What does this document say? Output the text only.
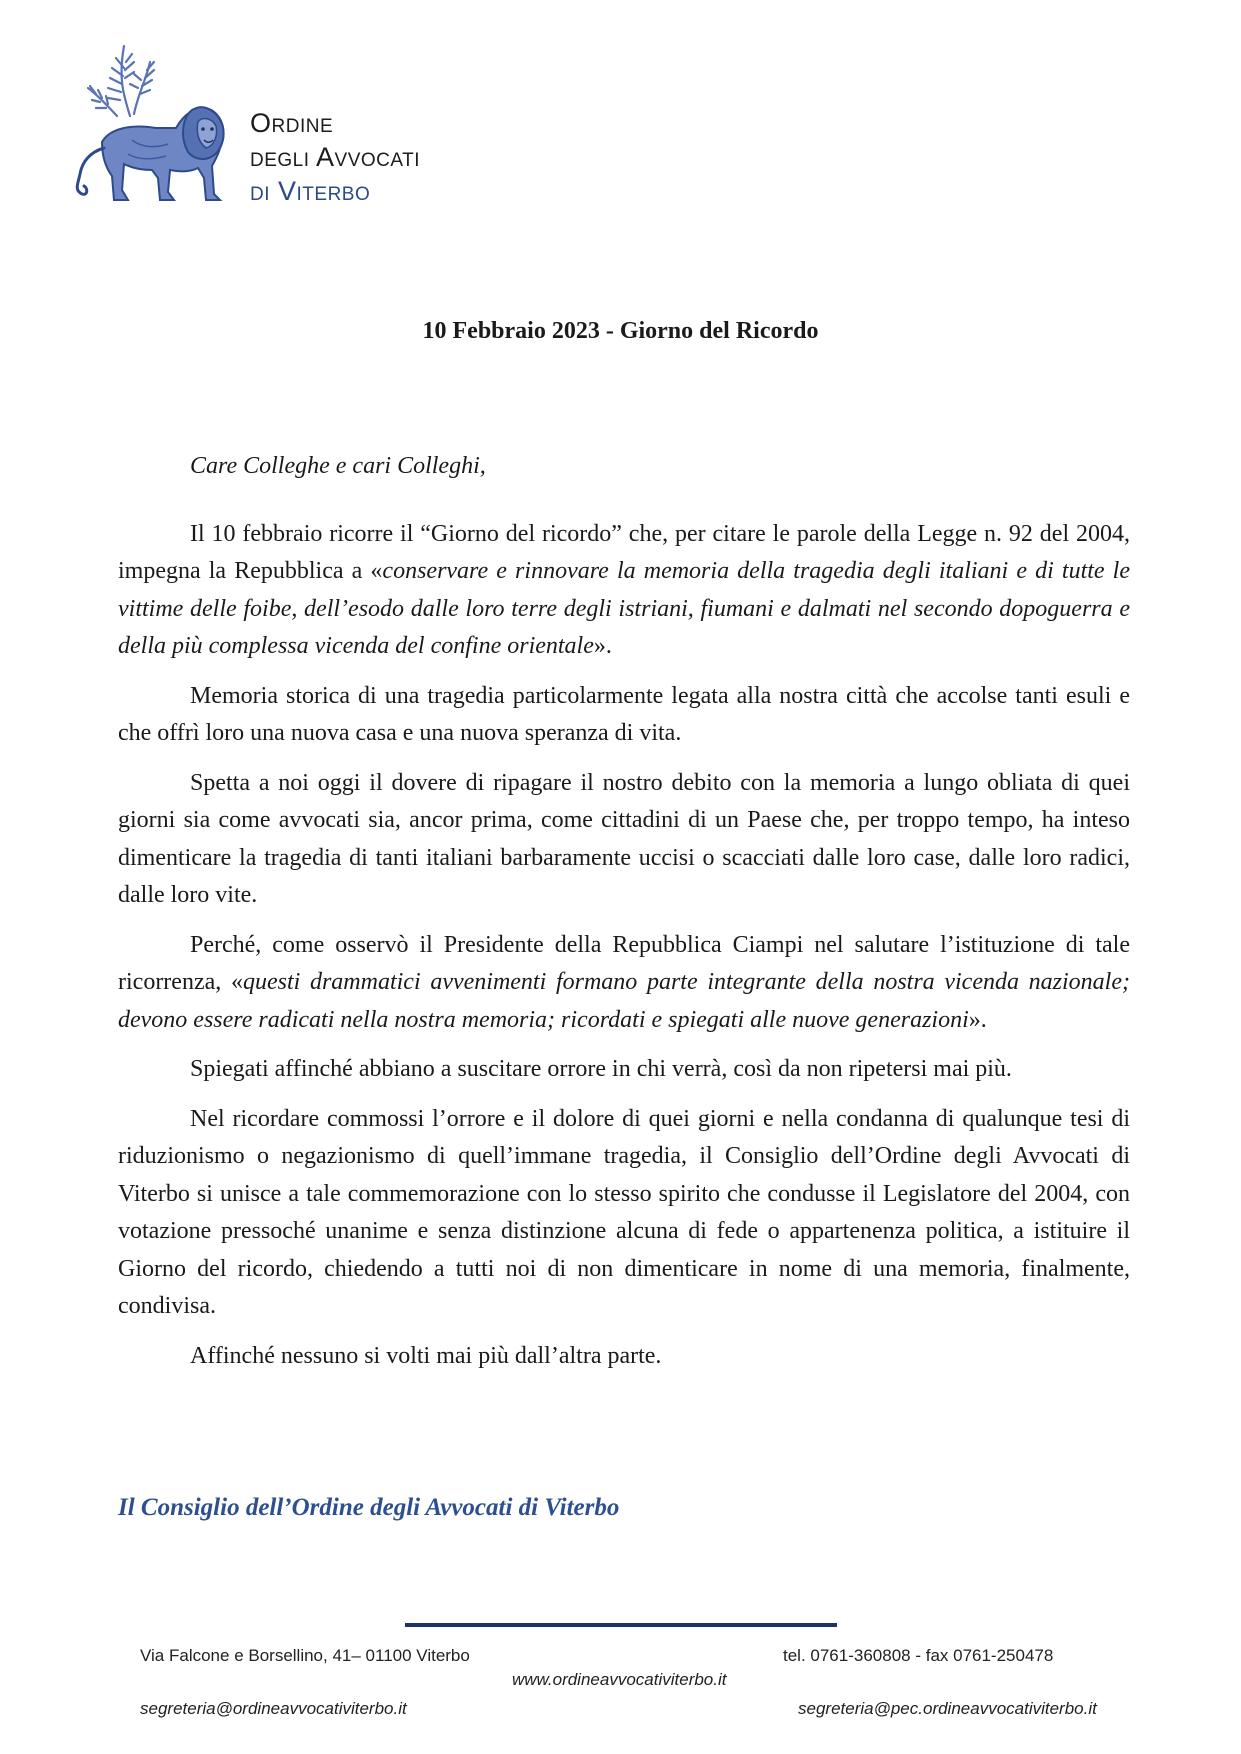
Ordine
degli Avvocati
di Viterbo
10 Febbraio 2023 - Giorno del Ricordo

Care Colleghe e cari Colleghi,

Il 10 febbraio ricorre il “Giorno del ricordo” che, per citare le parole della Legge n. 92 del 2004, impegna la Repubblica a «conservare e rinnovare la memoria della tragedia degli italiani e di tutte le vittime delle foibe, dell’esodo dalle loro terre degli istriani, fiumani e dalmati nel secondo dopoguerra e della più complessa vicenda del confine orientale».

Memoria storica di una tragedia particolarmente legata alla nostra città che accolse tanti esuli e che offrì loro una nuova casa e una nuova speranza di vita.

Spetta a noi oggi il dovere di ripagare il nostro debito con la memoria a lungo obliata di quei giorni sia come avvocati sia, ancor prima, come cittadini di un Paese che, per troppo tempo, ha inteso dimenticare la tragedia di tanti italiani barbaramente uccisi o scacciati dalle loro case, dalle loro radici, dalle loro vite.

Perché, come osservò il Presidente della Repubblica Ciampi nel salutare l’istituzione di tale ricorrenza, «questi drammatici avvenimenti formano parte integrante della nostra vicenda nazionale; devono essere radicati nella nostra memoria; ricordati e spiegati alle nuove generazioni».

Spiegati affinché abbiano a suscitare orrore in chi verrà, così da non ripetersi mai più.

Nel ricordare commossi l’orrore e il dolore di quei giorni e nella condanna di qualunque tesi di riduzionismo o negazionismo di quell’immane tragedia, il Consiglio dell’Ordine degli Avvocati di Viterbo si unisce a tale commemorazione con lo stesso spirito che condusse il Legislatore del 2004, con votazione pressoché unanime e senza distinzione alcuna di fede o appartenenza politica, a istituire il Giorno del ricordo, chiedendo a tutti noi di non dimenticare in nome di una memoria, finalmente, condivisa.

Affinché nessuno si volti mai più dall’altra parte.

Il Consiglio dell’Ordine degli Avvocati di Viterbo
Via Falcone e Borsellino, 41– 01100 Viterbo	tel. 0761-360808 - fax 0761-250478
www.ordineavvocativiterbo.it
segreteria@ordineavvocativiterbo.it	segreteria@pec.ordineavvocativiterbo.it
